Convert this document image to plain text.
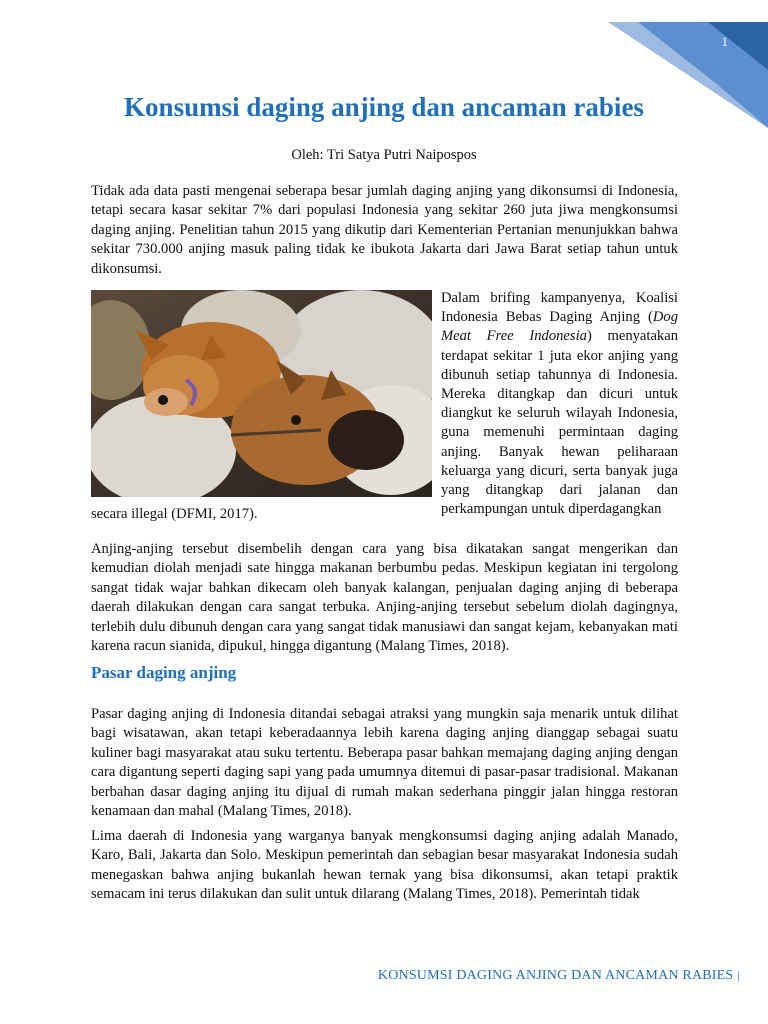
1
Konsumsi daging anjing dan ancaman rabies
Oleh: Tri Satya Putri Naipospos

Tidak ada data pasti mengenai seberapa besar jumlah daging anjing yang dikonsumsi di Indonesia, tetapi secara kasar sekitar 7% dari populasi Indonesia yang sekitar 260 juta jiwa mengkonsumsi daging anjing. Penelitian tahun 2015 yang dikutip dari Kementerian Pertanian menunjukkan bahwa sekitar 730.000 anjing masuk paling tidak ke ibukota Jakarta dari Jawa Barat setiap tahun untuk dikonsumsi.

Dalam brifing kampanyenya, Koalisi Indonesia Bebas Daging Anjing (Dog Meat Free Indonesia) menyatakan terdapat sekitar 1 juta ekor anjing yang dibunuh setiap tahunnya di Indonesia. Mereka ditangkap dan dicuri untuk diangkut ke seluruh wilayah Indonesia, guna memenuhi permintaan daging anjing. Banyak hewan peliharaan keluarga yang dicuri, serta banyak juga yang ditangkap dari jalanan dan perkampungan untuk diperdagangkan

secara illegal (DFMI, 2017).

Anjing-anjing tersebut disembelih dengan cara yang bisa dikatakan sangat mengerikan dan kemudian diolah menjadi sate hingga makanan berbumbu pedas. Meskipun kegiatan ini tergolong sangat tidak wajar bahkan dikecam oleh banyak kalangan, penjualan daging anjing di beberapa daerah dilakukan dengan cara sangat terbuka. Anjing-anjing tersebut sebelum diolah dagingnya, terlebih dulu dibunuh dengan cara yang sangat tidak manusiawi dan sangat kejam, kebanyakan mati karena racun sianida, dipukul, hingga digantung (Malang Times, 2018).

Pasar daging anjing

Pasar daging anjing di Indonesia ditandai sebagai atraksi yang mungkin saja menarik untuk dilihat bagi wisatawan, akan tetapi keberadaannya lebih karena daging anjing dianggap sebagai suatu kuliner bagi masyarakat atau suku tertentu. Beberapa pasar bahkan memajang daging anjing dengan cara digantung seperti daging sapi yang pada umumnya ditemui di pasar-pasar tradisional. Makanan berbahan dasar daging anjing itu dijual di rumah makan sederhana pinggir jalan hingga restoran kenamaan dan mahal (Malang Times, 2018).

Lima daerah di Indonesia yang warganya banyak mengkonsumsi daging anjing adalah Manado, Karo, Bali, Jakarta dan Solo. Meskipun pemerintah dan sebagian besar masyarakat Indonesia sudah menegaskan bahwa anjing bukanlah hewan ternak yang bisa dikonsumsi, akan tetapi praktik semacam ini terus dilakukan dan sulit untuk dilarang (Malang Times, 2018). Pemerintah tidak

KONSUMSI DAGING ANJING DAN ANCAMAN RABIES |
